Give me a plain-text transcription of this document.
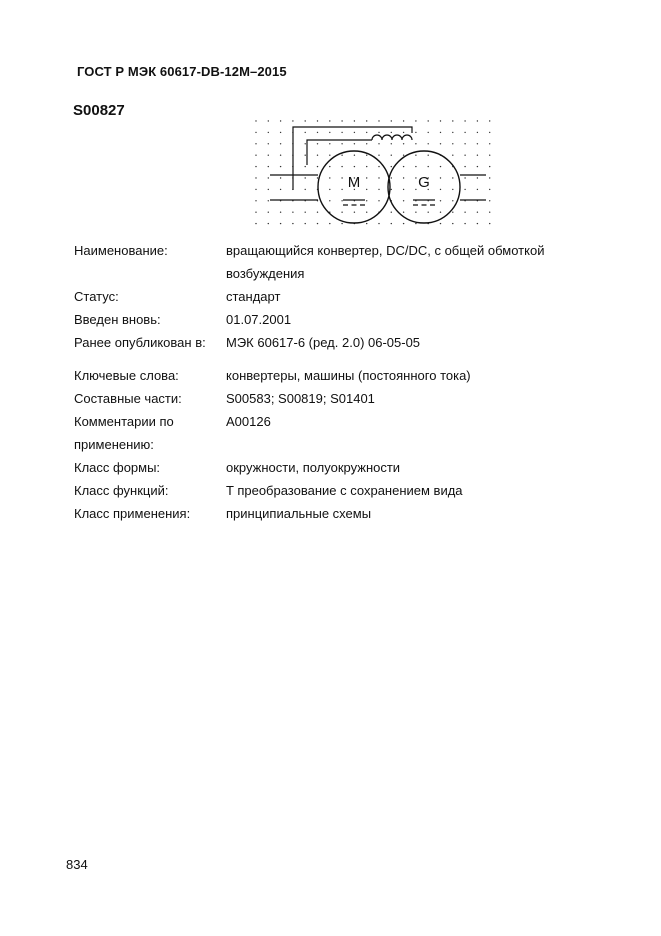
ГОСТ Р МЭК 60617-DB-12M–2015
S00827
M	G
Наименование:	вращающийся конвертер, DC/DC, с общей обмоткой
возбуждения
Статус:	стандарт
Введен вновь:	01.07.2001
Ранее опубликован в:	МЭК 60617-6 (ред. 2.0) 06-05-05
Ключевые слова:	конвертеры, машины (постоянного тока)
Составные части:	S00583; S00819; S01401
Комментарии по
применению:
A00126
Класс формы:	окружности, полуокружности
Класс функций:	T преобразование с сохранением вида
Класс применения:	принципиальные схемы
834
